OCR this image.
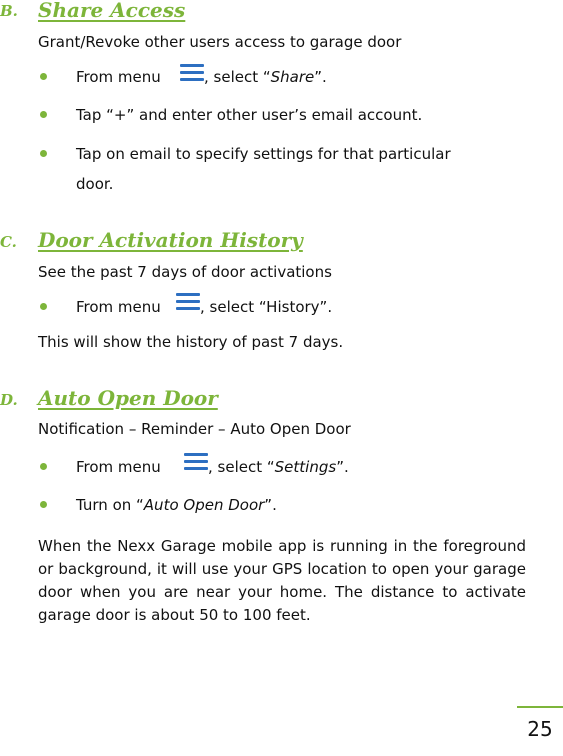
B. Share Access
Grant/Revoke other users access to garage door
From menu	, select “Share”.
Tap “+” and enter other user’s email account.
Tap on email to specify settings for that particular
door.
C. Door Activation History
See the past 7 days of door activations
From menu	, select “History”.
This will show the history of past 7 days.
D. Auto Open Door
Notification – Reminder – Auto Open Door
From menu	, select “Settings”.
Turn on “Auto Open Door”.
When the Nexx Garage mobile app is running in the foreground or background, it will use your GPS location to open your garage door when you are near your home. The distance to activate garage door is about 50 to 100 feet.
25
